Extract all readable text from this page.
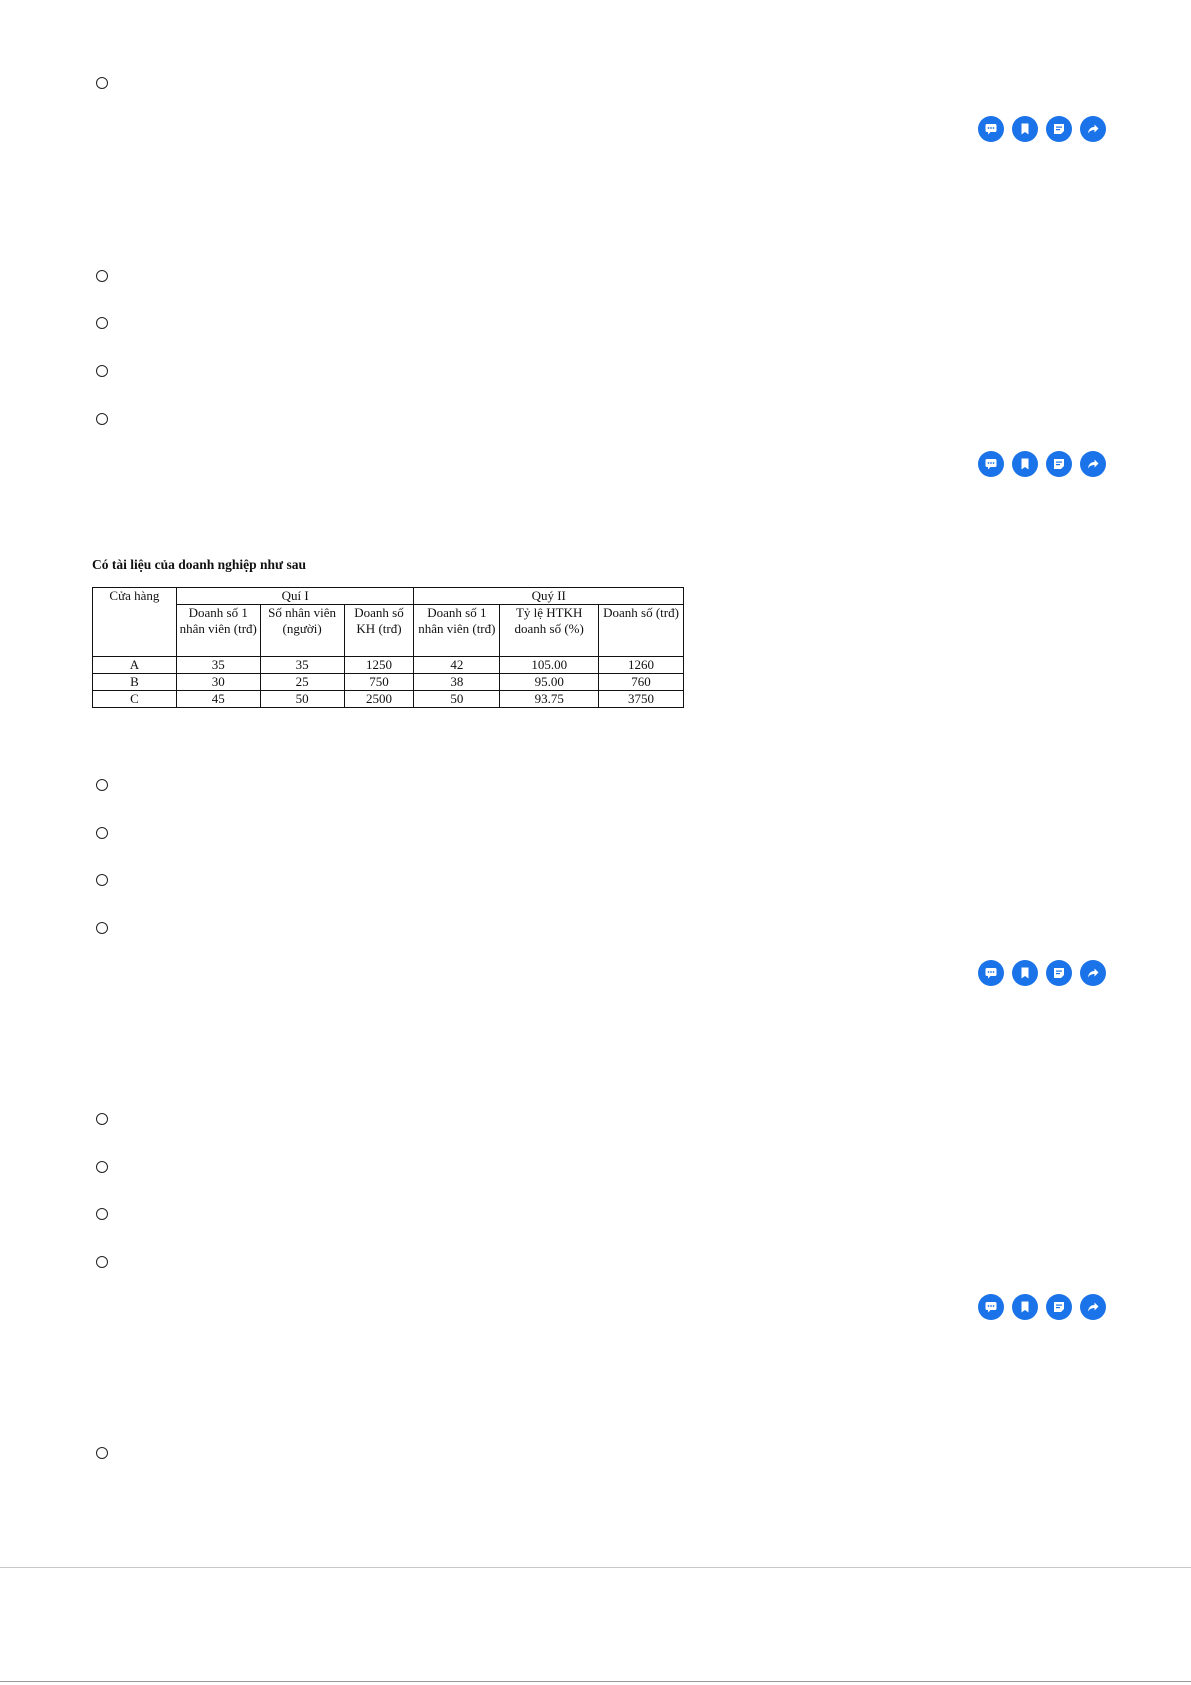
Có tài liệu của doanh nghiệp như sau
Cửa hàng	Quí I			Quý II		
	Doanh số 1 nhân viên (trđ)	Số nhân viên (người)	Doanh số KH (trđ)	Doanh số 1 nhân viên (trđ)	Tỷ lệ HTKH doanh số (%)	Doanh số (trđ)
A	35	35	1250	42	105.00	1260
B	30	25	750	38	95.00	760
C	45	50	2500	50	93.75	3750
